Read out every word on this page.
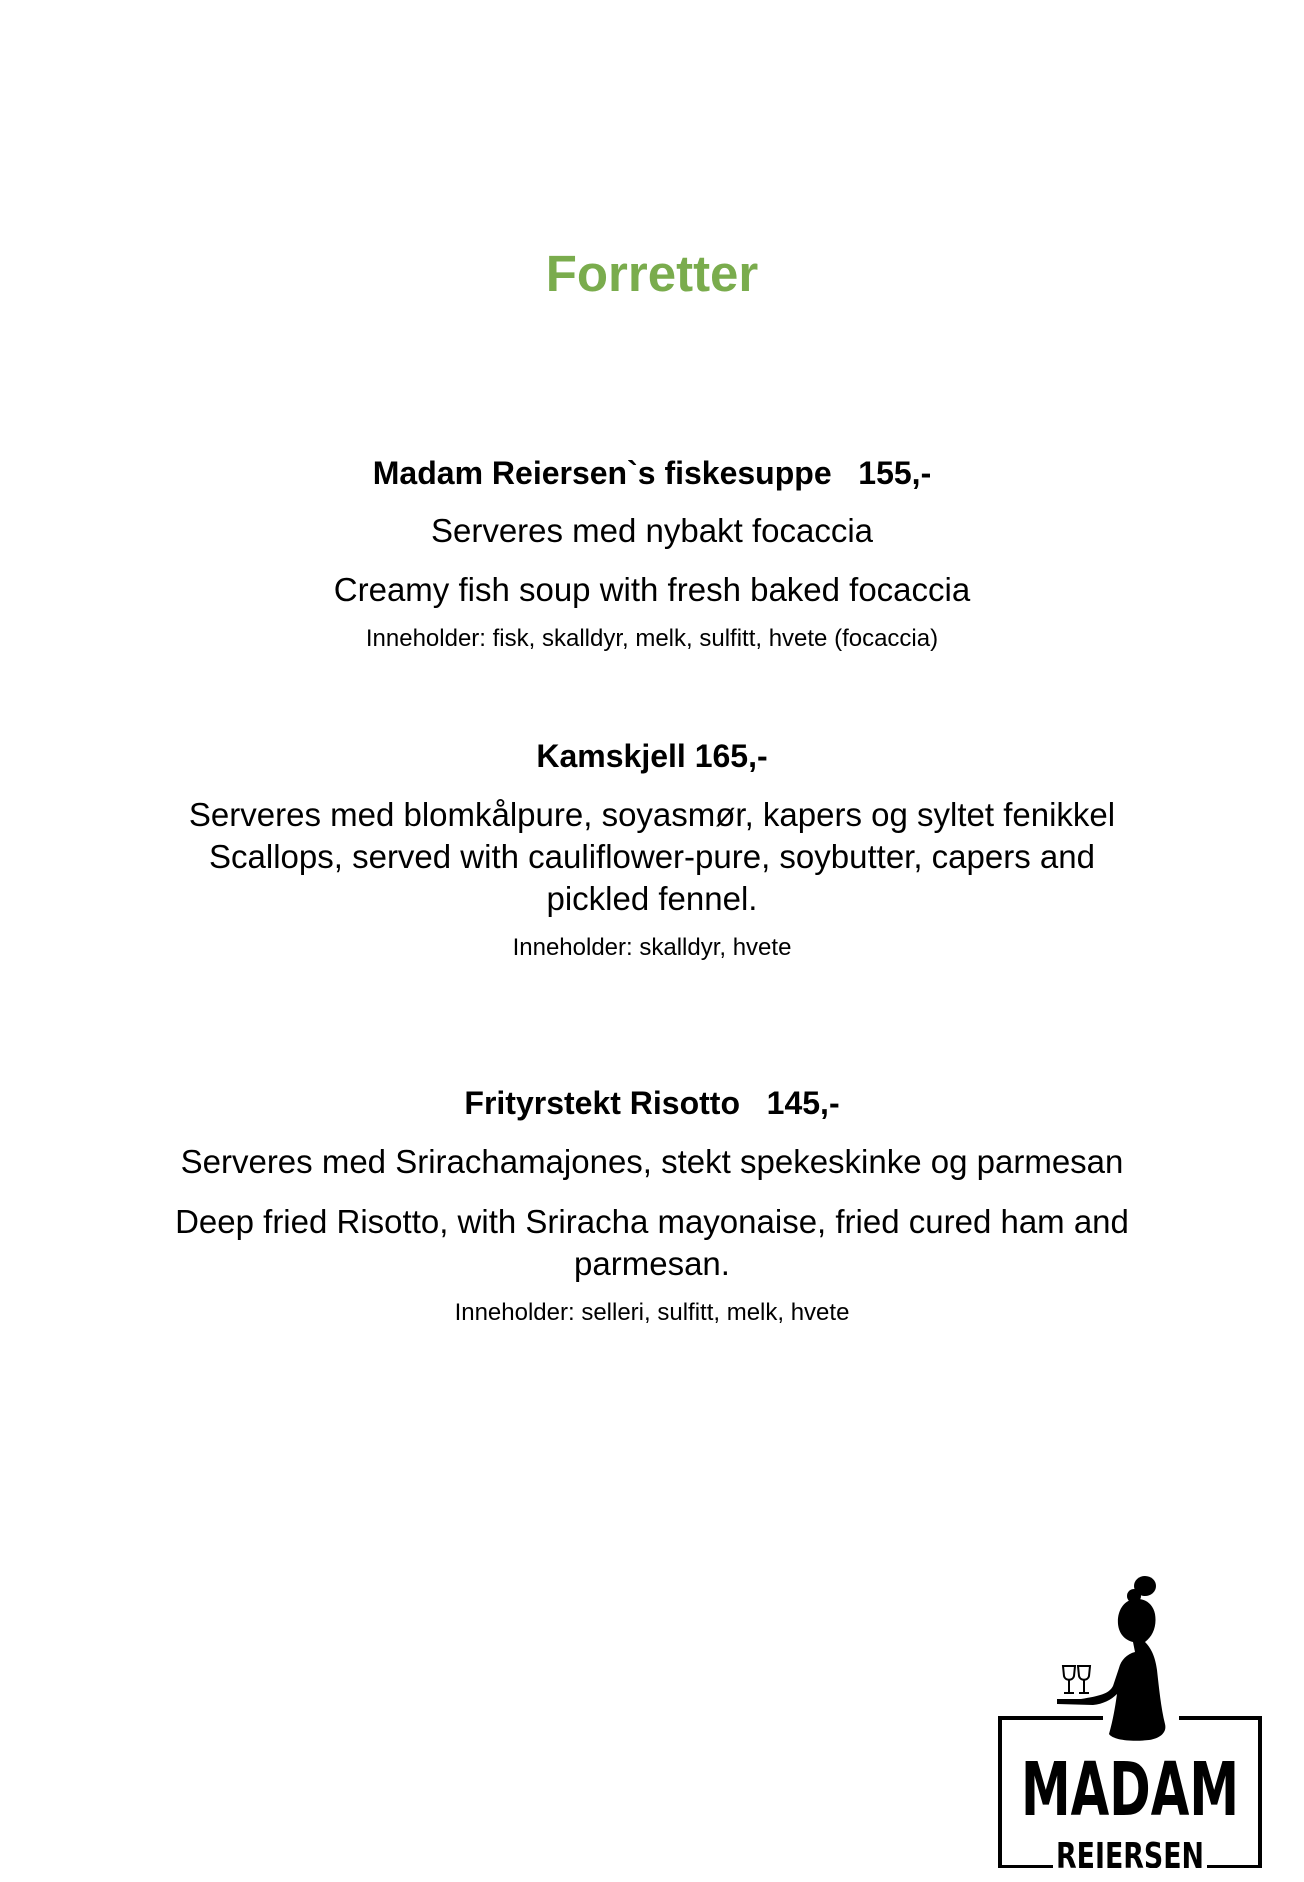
Forretter
Madam Reiersen`s fiskesuppe 155,-
Serveres med nybakt focaccia
Creamy fish soup with fresh baked focaccia
Inneholder: fisk, skalldyr, melk, sulfitt, hvete (focaccia)
Kamskjell 165,-
Serveres med blomkålpure, soyasmør, kapers og syltet fenikkel
Scallops, served with cauliflower-pure, soybutter, capers and pickled fennel.
Inneholder: skalldyr, hvete
Frityrstekt Risotto 145,-
Serveres med Srirachamajones, stekt spekeskinke og parmesan
Deep fried Risotto, with Sriracha mayonaise, fried cured ham and parmesan.
Inneholder: selleri, sulfitt, melk, hvete
MADAM
REIERSEN
